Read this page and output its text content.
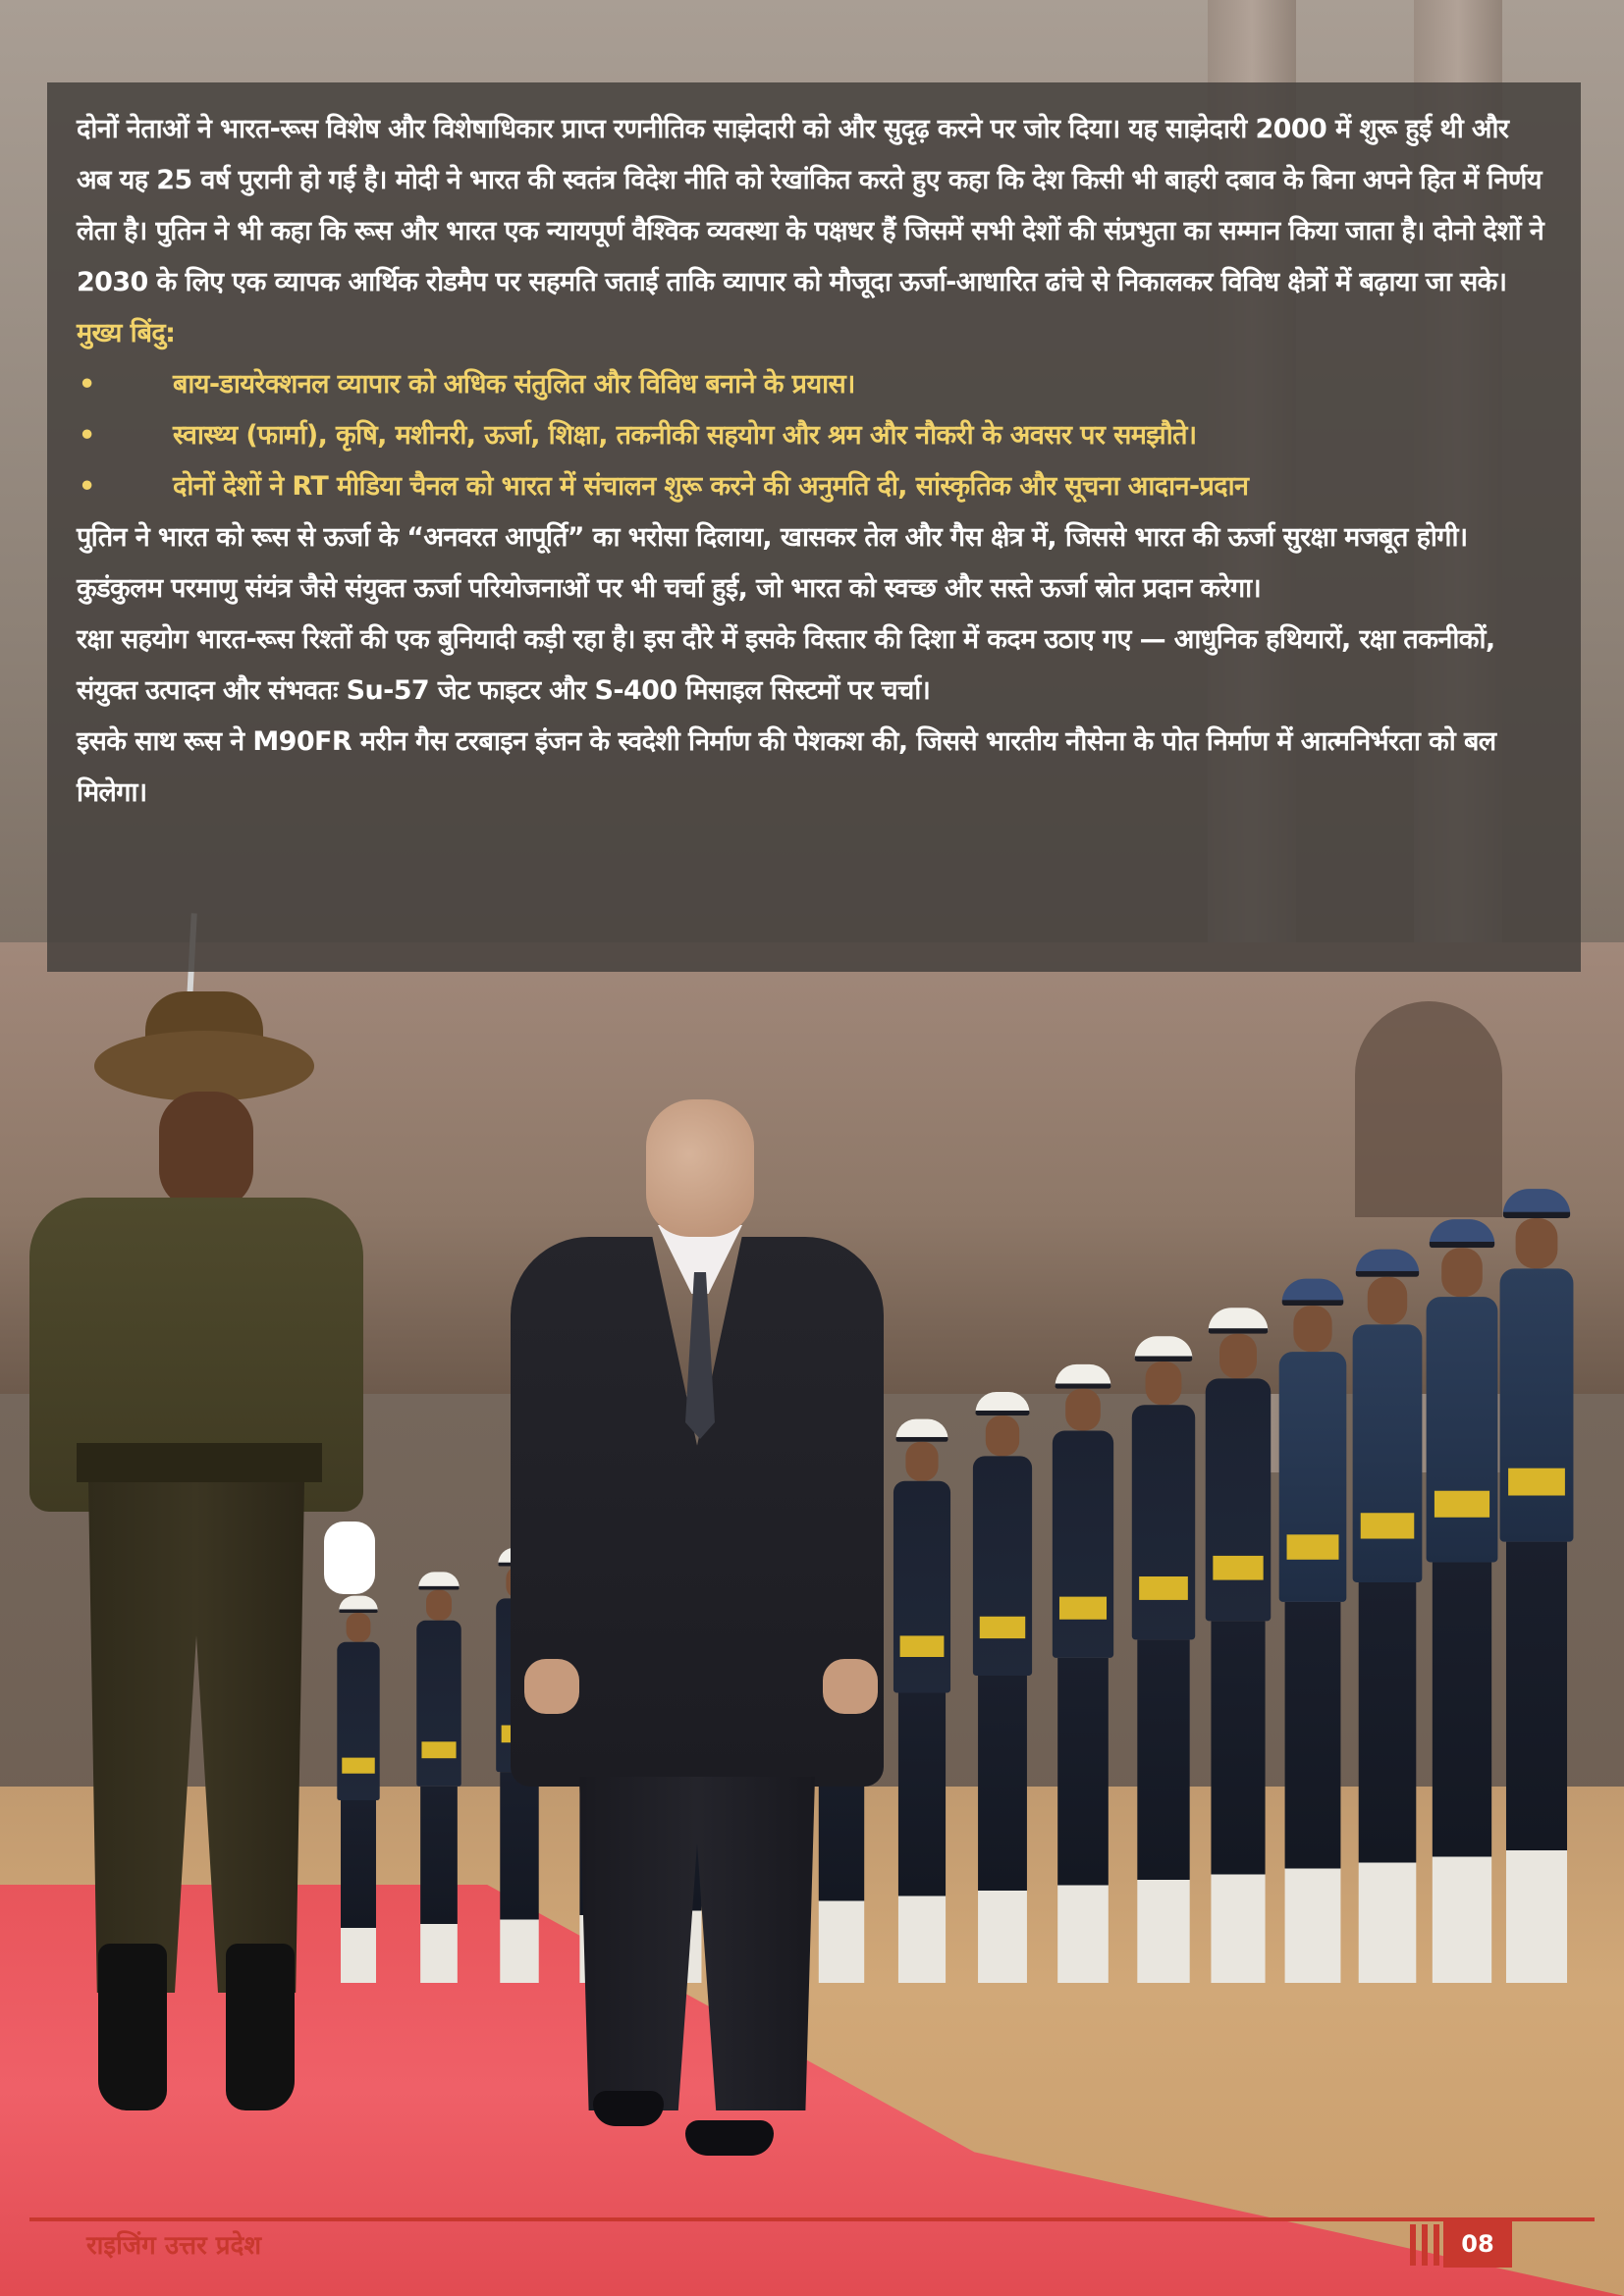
दोनों नेताओं ने भारत-रूस विशेष और विशेषाधिकार प्राप्त रणनीतिक साझेदारी को और सुदृढ़ करने पर जोर दिया। यह साझेदारी 2000 में शुरू हुई थी और अब यह 25 वर्ष पुरानी हो गई है। मोदी ने भारत की स्वतंत्र विदेश नीति को रेखांकित करते हुए कहा कि देश किसी भी बाहरी दबाव के बिना अपने हित में निर्णय लेता है। पुतिन ने भी कहा कि रूस और भारत एक न्यायपूर्ण वैश्विक व्यवस्था के पक्षधर हैं जिसमें सभी देशों की संप्रभुता का सम्मान किया जाता है। दोनो देशों ने 2030 के लिए एक व्यापक आर्थिक रोडमैप पर सहमति जताई ताकि व्यापार को मौजूदा ऊर्जा-आधारित ढांचे से निकालकर विविध क्षेत्रों में बढ़ाया जा सके।

मुख्य बिंदु:
•	बाय-डायरेक्शनल व्यापार को अधिक संतुलित और विविध बनाने के प्रयास।
•	स्वास्थ्य (फार्मा), कृषि, मशीनरी, ऊर्जा, शिक्षा, तकनीकी सहयोग और श्रम और नौकरी के अवसर पर समझौते।
•	दोनों देशों ने RT मीडिया चैनल को भारत में संचालन शुरू करने की अनुमति दी, सांस्कृतिक और सूचना आदान-प्रदान

पुतिन ने भारत को रूस से ऊर्जा के “अनवरत आपूर्ति” का भरोसा दिलाया, खासकर तेल और गैस क्षेत्र में, जिससे भारत की ऊर्जा सुरक्षा मजबूत होगी।

कुडंकुलम परमाणु संयंत्र जैसे संयुक्त ऊर्जा परियोजनाओं पर भी चर्चा हुई, जो भारत को स्वच्छ और सस्ते ऊर्जा स्रोत प्रदान करेगा।

रक्षा सहयोग भारत-रूस रिश्तों की एक बुनियादी कड़ी रहा है। इस दौरे में इसके विस्तार की दिशा में कदम उठाए गए — आधुनिक हथियारों, रक्षा तकनीकों, संयुक्त उत्पादन और संभवतः Su-57 जेट फाइटर और S-400 मिसाइल सिस्टमों पर चर्चा।

इसके साथ रूस ने M90FR मरीन गैस टरबाइन इंजन के स्वदेशी निर्माण की पेशकश की, जिससे भारतीय नौसेना के पोत निर्माण में आत्मनिर्भरता को बल मिलेगा।

राइजिंग उत्तर प्रदेश	08
